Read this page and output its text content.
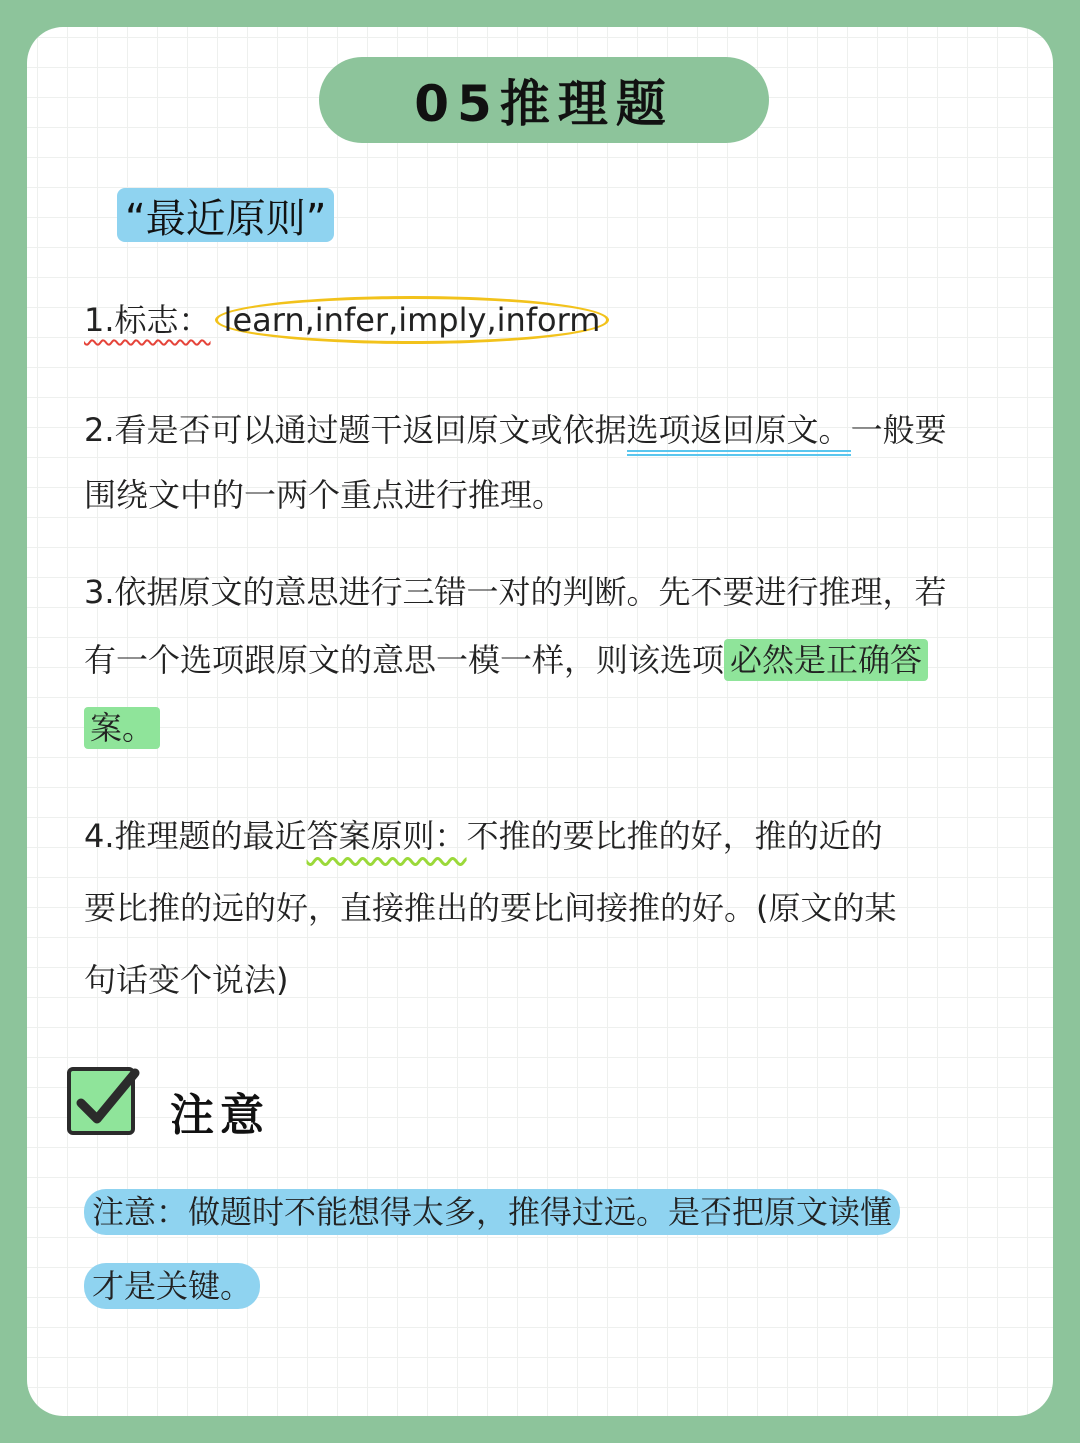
05推理题
“最近原则”
1.标志： learn,infer,imply,inform
2.看是否可以通过题干返回原文或依据选项返回原文。一般要
围绕文中的一两个重点进行推理。
3.依据原文的意思进行三错一对的判断。先不要进行推理，若
有一个选项跟原文的意思一模一样，则该选项 必然是正确答
案。
4.推理题的最近答案原则：不推的要比推的好，推的近的
要比推的远的好，直接推出的要比间接推的好。(原文的某
句话变个说法)
注意
注意：做题时不能想得太多，推得过远。是否把原文读懂
才是关键。
